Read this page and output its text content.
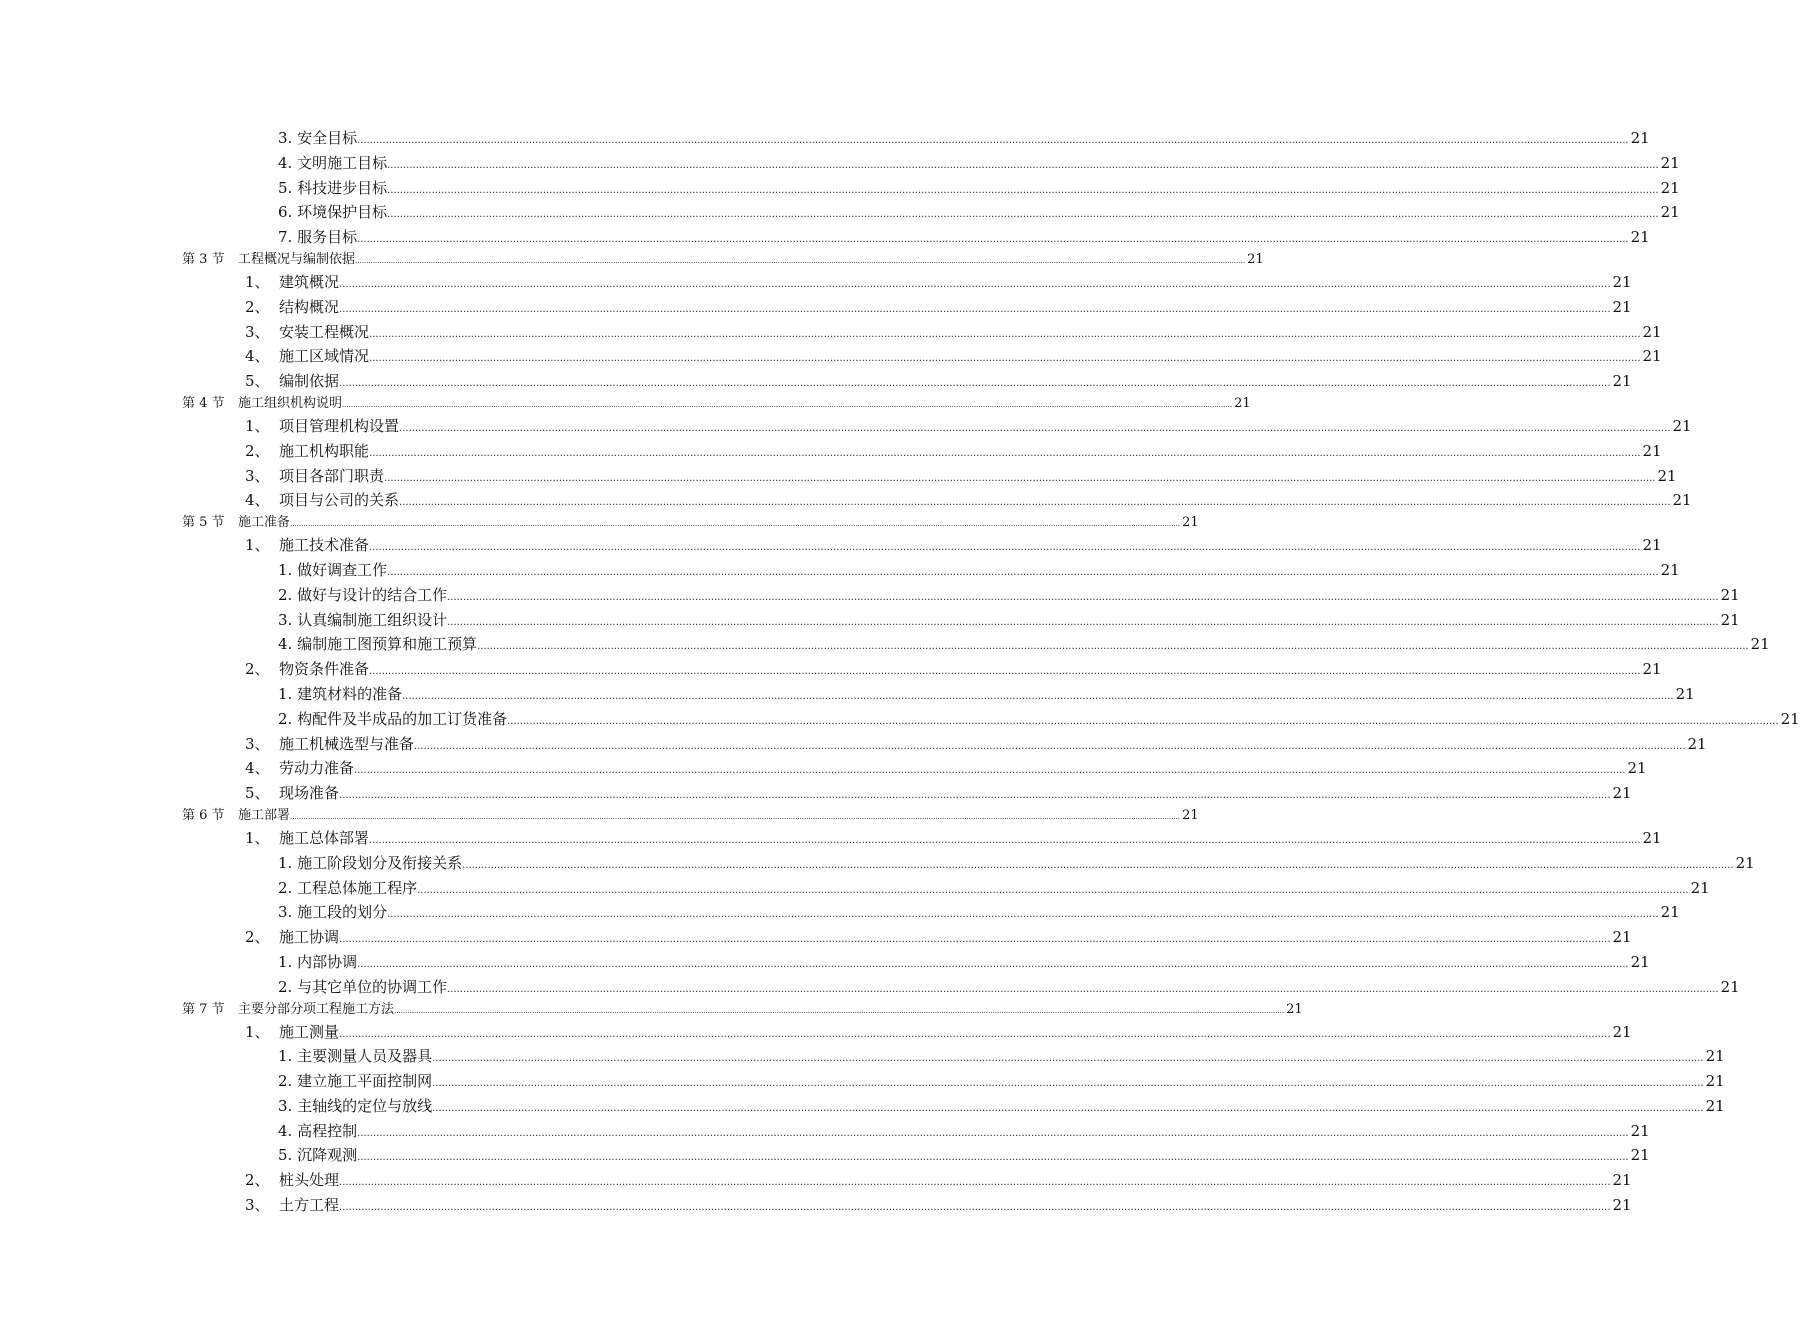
3. 安全目标 ................................................................................................................................................................................................................................................................................................................................................................................................................ 21
4. 文明施工目标 ................................................................................................................................................................................................................................................................................................................................................................................................................ 21
5. 科技进步目标 ................................................................................................................................................................................................................................................................................................................................................................................................................ 21
6. 环境保护目标 ................................................................................................................................................................................................................................................................................................................................................................................................................ 21
7. 服务目标 ................................................................................................................................................................................................................................................................................................................................................................................................................ 21
第 3 节 工程概况与编制依据 ................................................................................................................................................................................................................................................................................................................................................................................................................ 21
1、 建筑概况 ................................................................................................................................................................................................................................................................................................................................................................................................................ 21
2、 结构概况 ................................................................................................................................................................................................................................................................................................................................................................................................................ 21
3、 安装工程概况 ................................................................................................................................................................................................................................................................................................................................................................................................................ 21
4、 施工区域情况 ................................................................................................................................................................................................................................................................................................................................................................................................................ 21
5、 编制依据 ................................................................................................................................................................................................................................................................................................................................................................................................................ 21
第 4 节 施工组织机构说明 ................................................................................................................................................................................................................................................................................................................................................................................................................ 21
1、 项目管理机构设置 ................................................................................................................................................................................................................................................................................................................................................................................................................ 21
2、 施工机构职能 ................................................................................................................................................................................................................................................................................................................................................................................................................ 21
3、 项目各部门职责 ................................................................................................................................................................................................................................................................................................................................................................................................................ 21
4、 项目与公司的关系 ................................................................................................................................................................................................................................................................................................................................................................................................................ 21
第 5 节 施工准备 ................................................................................................................................................................................................................................................................................................................................................................................................................ 21
1、 施工技术准备 ................................................................................................................................................................................................................................................................................................................................................................................................................ 21
1. 做好调查工作 ................................................................................................................................................................................................................................................................................................................................................................................................................ 21
2. 做好与设计的结合工作 ................................................................................................................................................................................................................................................................................................................................................................................................................ 21
3. 认真编制施工组织设计 ................................................................................................................................................................................................................................................................................................................................................................................................................ 21
4. 编制施工图预算和施工预算 ................................................................................................................................................................................................................................................................................................................................................................................................................ 21
2、 物资条件准备 ................................................................................................................................................................................................................................................................................................................................................................................................................ 21
1. 建筑材料的准备 ................................................................................................................................................................................................................................................................................................................................................................................................................ 21
2. 构配件及半成品的加工订货准备 ................................................................................................................................................................................................................................................................................................................................................................................................................ 21
3、 施工机械选型与准备 ................................................................................................................................................................................................................................................................................................................................................................................................................ 21
4、 劳动力准备 ................................................................................................................................................................................................................................................................................................................................................................................................................ 21
5、 现场准备 ................................................................................................................................................................................................................................................................................................................................................................................................................ 21
第 6 节 施工部署 ................................................................................................................................................................................................................................................................................................................................................................................................................ 21
1、 施工总体部署 ................................................................................................................................................................................................................................................................................................................................................................................................................ 21
1. 施工阶段划分及衔接关系 ................................................................................................................................................................................................................................................................................................................................................................................................................ 21
2. 工程总体施工程序 ................................................................................................................................................................................................................................................................................................................................................................................................................ 21
3. 施工段的划分 ................................................................................................................................................................................................................................................................................................................................................................................................................ 21
2、 施工协调 ................................................................................................................................................................................................................................................................................................................................................................................................................ 21
1. 内部协调 ................................................................................................................................................................................................................................................................................................................................................................................................................ 21
2. 与其它单位的协调工作 ................................................................................................................................................................................................................................................................................................................................................................................................................ 21
第 7 节 主要分部分项工程施工方法 ................................................................................................................................................................................................................................................................................................................................................................................................................ 21
1、 施工测量 ................................................................................................................................................................................................................................................................................................................................................................................................................ 21
1. 主要测量人员及器具 ................................................................................................................................................................................................................................................................................................................................................................................................................ 21
2. 建立施工平面控制网 ................................................................................................................................................................................................................................................................................................................................................................................................................ 21
3. 主轴线的定位与放线 ................................................................................................................................................................................................................................................................................................................................................................................................................ 21
4. 高程控制 ................................................................................................................................................................................................................................................................................................................................................................................................................ 21
5. 沉降观测 ................................................................................................................................................................................................................................................................................................................................................................................................................ 21
2、 桩头处理 ................................................................................................................................................................................................................................................................................................................................................................................................................ 21
3、 土方工程 ................................................................................................................................................................................................................................................................................................................................................................................................................ 21
